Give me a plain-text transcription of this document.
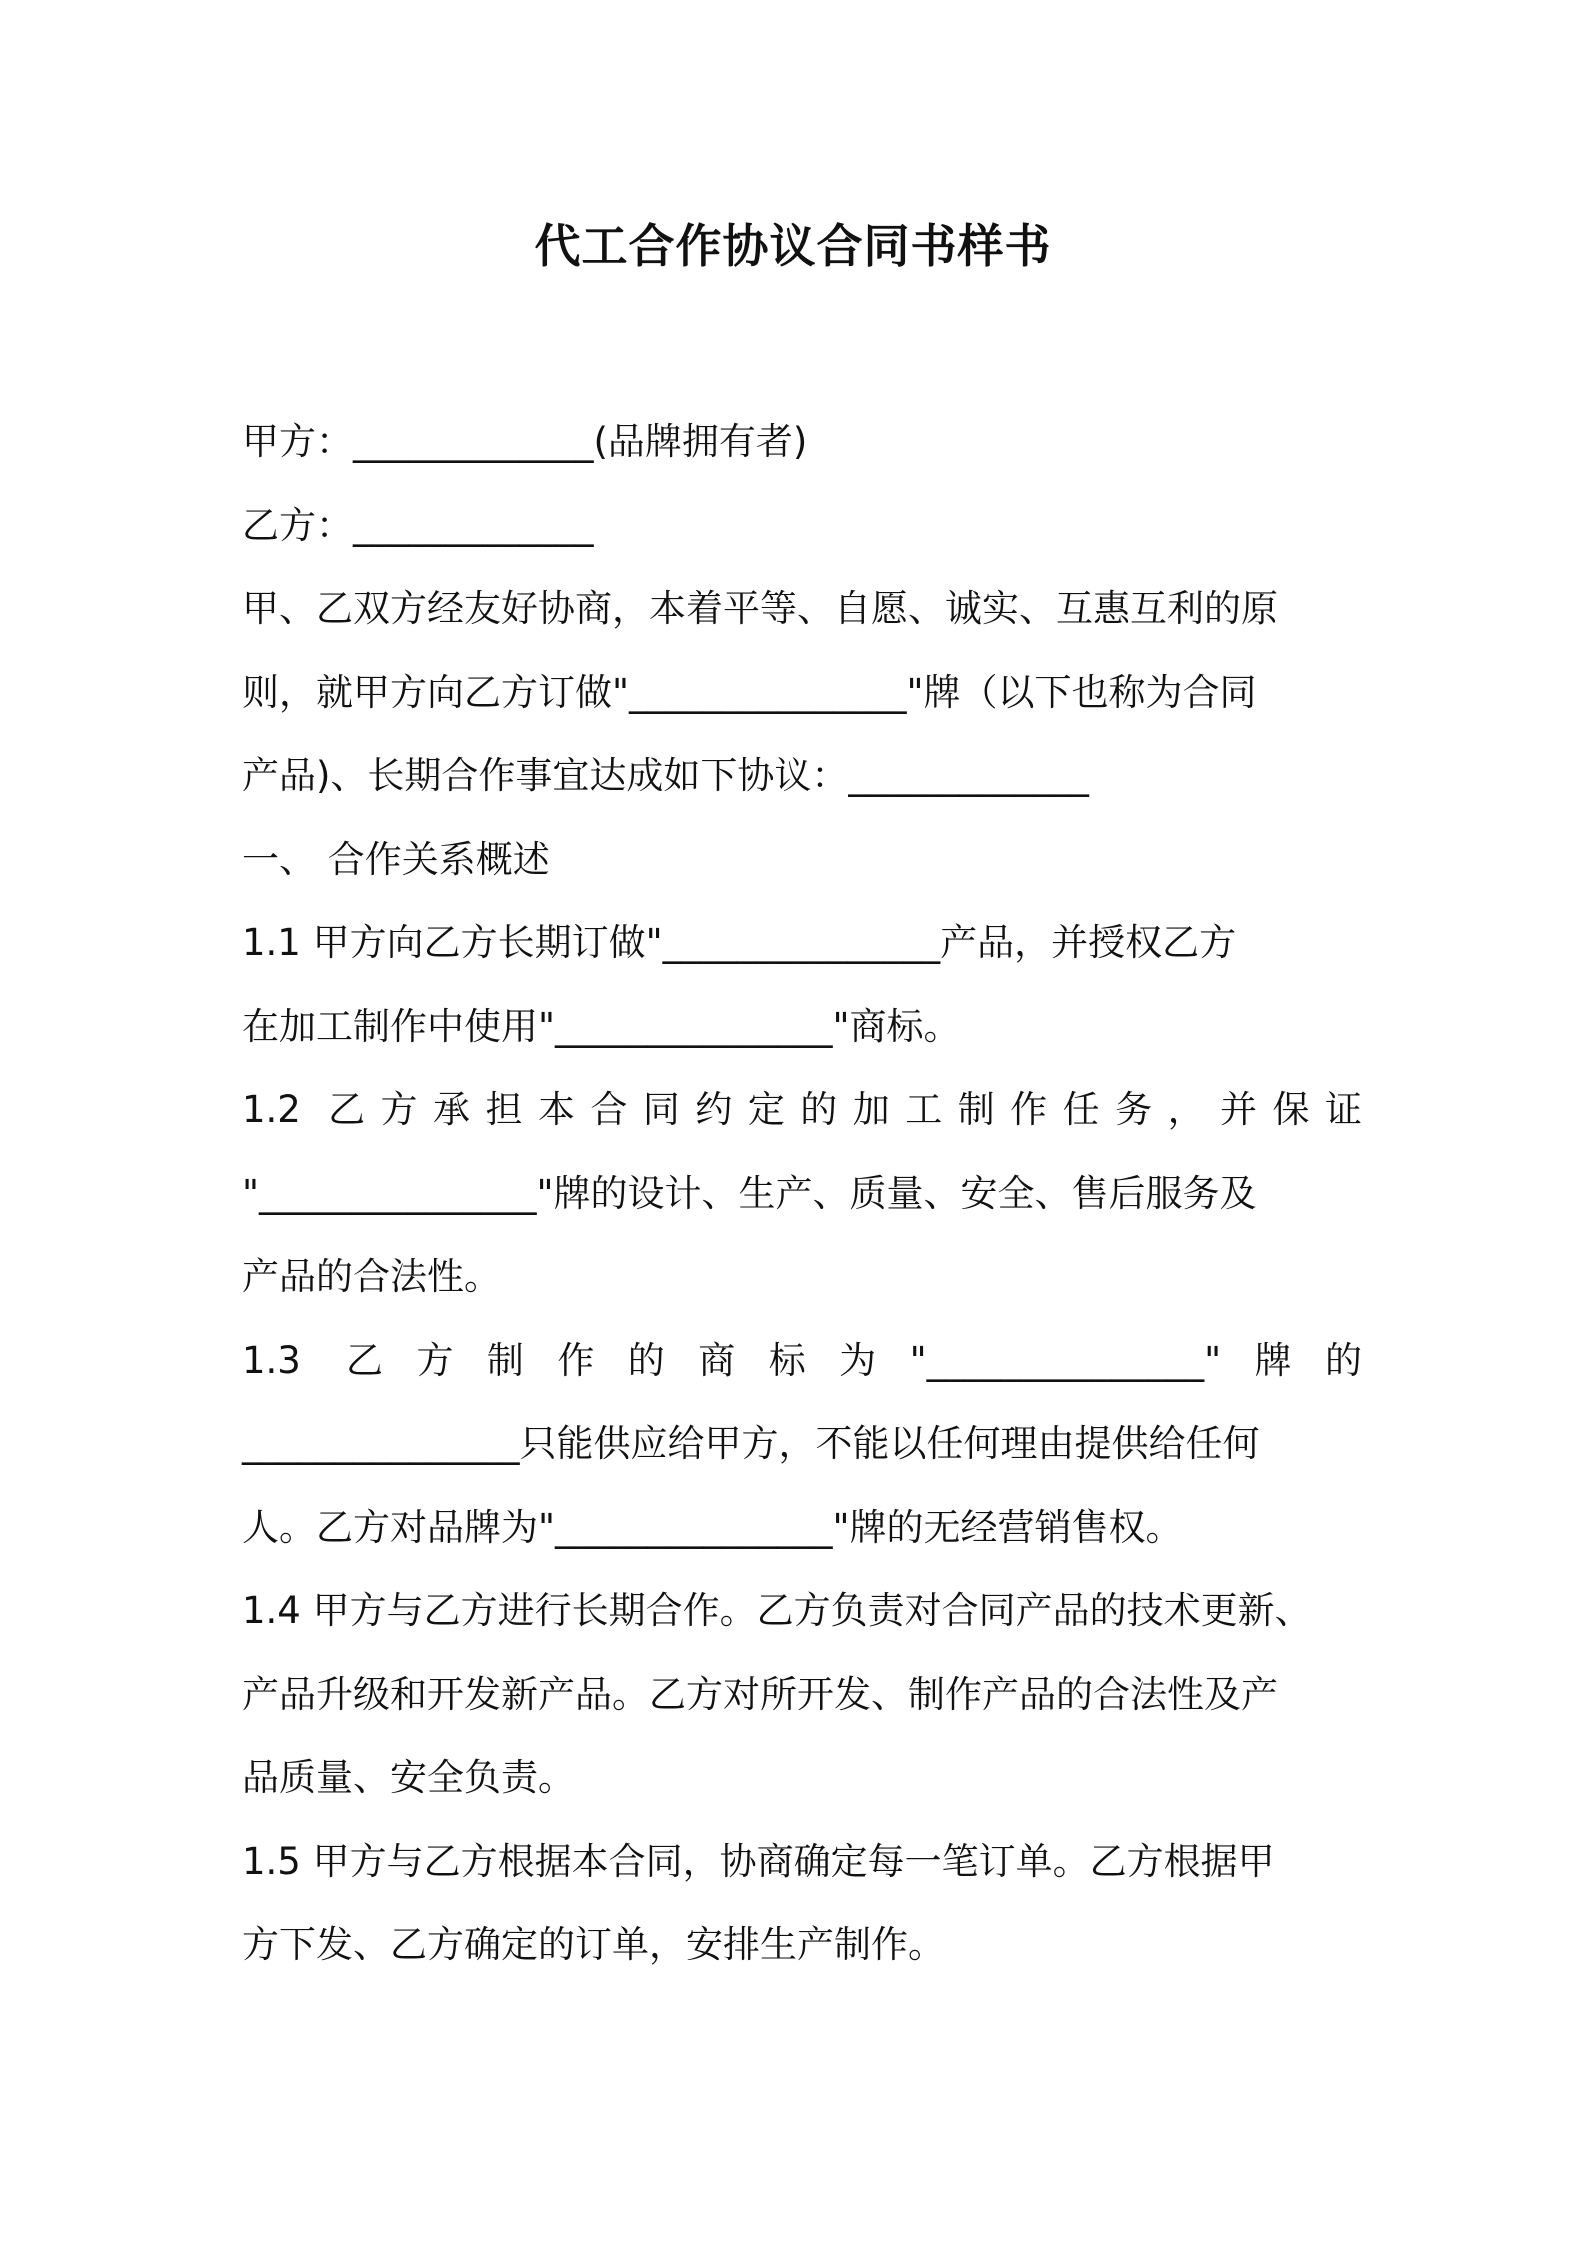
代工合作协议合同书样书

甲方：_____________(品牌拥有者)

乙方：_____________

甲、乙双方经友好协商，本着平等、自愿、诚实、互惠互利的原

则，就甲方向乙方订做"_______________"牌（以下也称为合同

产品)、长期合作事宜达成如下协议：_____________

一、 合作关系概述

1.1 甲方向乙方长期订做"_______________产品，并授权乙方

在加工制作中使用"_______________"商标。

1.2 乙方承担本合同约定的加工制作任务，并保证

"_______________"牌的设计、生产、质量、安全、售后服务及

产品的合法性。

1.3 乙方制作的商标为"_______________"牌的

_______________只能供应给甲方，不能以任何理由提供给任何

人。乙方对品牌为"_______________"牌的无经营销售权。

1.4 甲方与乙方进行长期合作。乙方负责对合同产品的技术更新、

产品升级和开发新产品。乙方对所开发、制作产品的合法性及产

品质量、安全负责。

1.5 甲方与乙方根据本合同，协商确定每一笔订单。乙方根据甲

方下发、乙方确定的订单，安排生产制作。
